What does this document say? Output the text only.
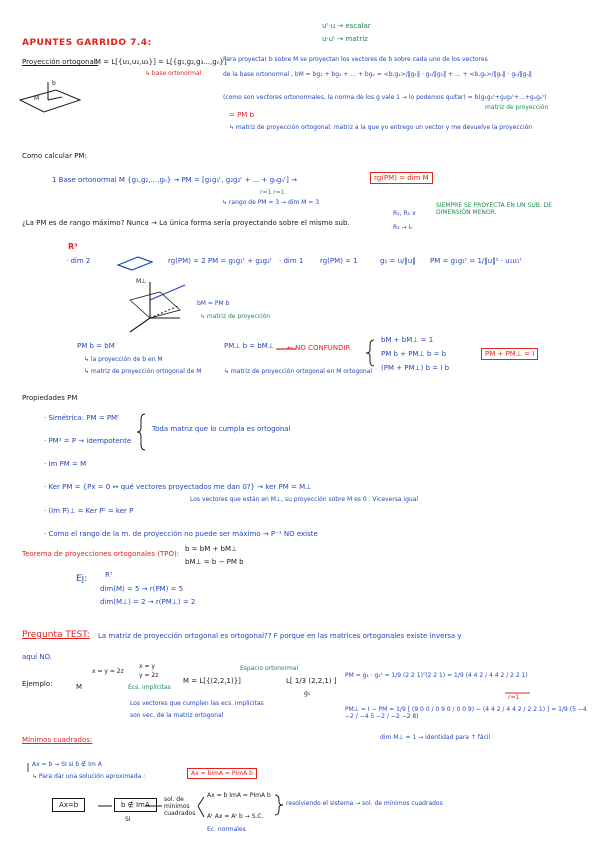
APUNTES GARRIDO 7.4:
uᵗ·u → escalar
u·uᵗ → matriz
Proyección ortogonal:
M = L[{u₁,u₂,u₃}] = L[{g₁,g₂,g₃...,gₙ}]
↳ base ortonormal
b
M
Para proyectar b sobre M se proyectan los vectores de b sobre cada uno de los vectores
de la base ortonormal , bM = bg₁ + bg₂ + ... + bgₙ = <b,g₁>/‖g₁‖ · g₁/‖g₁‖ + ... + <b,gₙ>/‖gₙ‖ · gₙ/‖gₙ‖
(como son vectores ortonormales, la norma de los g vale 1 → lo podemos quitar) = b(g₁g₁ᵗ+g₂g₂ᵗ+...+gₙgₙᵗ)
matriz de proyección
= PM b
↳ matriz de proyección ortogonal: matriz a la que yo entrego un vector y me devuelve la proyección
Como calcular PM:
1 Base ortonormal M {g₁,g₂,...,gₙ} → PM = [g₁g₁ᵗ, g₂g₂ᵗ + ... + gₙgₙᵗ] →
r=1 r=1
rg(PM) = dim M
↳ rango de PM = 3 → dim M = 3
¿La PM es de rango máximo? Nunca → La única forma sería proyectando sobre el mismo sub.
R₂, R₂ ∨
SIEMPRE SE PROYECTA EN UN SUB. DE DIMENSIÓN MENOR.
R₃ → Iₙ
R³
· dim 2	rg(PM) = 2 PM = g₁g₁ᵗ + g₂g₂ᵗ · dim 1 rg(PM) = 1	g₁ = u/‖u‖ PM = g₁g₁ᵗ = 1/‖u‖² · u₁u₁ᵗ
M⊥
bM = PM b
↳ matriz de proyección
PM b = bM
↳ la proyección de b en M
↳ matriz de proyección ortogonal de M
PM⊥ b = bM⊥
↳ matriz de proyección ortogonal en M ortogonal
← NO CONFUNDIR
bM + bM⊥ = 1
PM b + PM⊥ b = b
(PM + PM⊥) b = I b
PM + PM⊥ = I
Propiedades PM
· Simétrica: PM = PMᵗ
· PM² = P → idempotente
Toda matriz que lo cumpla es ortogonal
· Im PM = M
· Ker PM = {Px = 0 ↔ qué vectores proyectados me dan 0?} → ker PM = M⊥
Los vectores que están en M⊥, su proyección sobre M es 0 . Viceversa igual
· (Im P)⊥ = Ker Pᵗ = ker P
· Como el rango de la m. de proyección no puede ser máximo → P⁻¹ NO existe
Teorema de proyecciones ortogonales (TPO):
b = bM + bM⊥
bM⊥ = b − PM b
Ej:	R⁷
dim(M) = 5 → r(PM) = 5
dim(M⊥) = 2 → r(PM⊥) = 2
Pregunta TEST: La matriz de proyección ortogonal es ortogonal?? F porque en las matrices ortogonales existe inversa y
aquí NO.
Ejemplo:	M
x = y = 2z
x = y
y = 2z
Ecs. implícitas
M = L[{(2,2,1)}]
Espacio ortonormal
L[ 1/3 (2,2,1) ]
g₁
Los vectores que cumplen las ecs. implícitas
son vec. de la matriz ortogonal
PM = g₁ · g₁ᵗ = 1/9 (2 2 1)ᵀ(2 2 1) = 1/9 (4 4 2 / 4 4 2 / 2 2 1)
r=1
PM⊥ = I − PM = 1/9 [ (9 0 0 / 0 9 0 / 0 0 9) − (4 4 2 / 4 4 2 / 2 2 1) ] = 1/9 (5 −4 −2 / −4 5 −2 / −2 −2 8)
dim M⊥ = 1 → identidad para ↑ fácil
Mínimos cuadrados:
Ax = b → SI si b ∉ Im A
↳ Para dar una solución aproximada :	Ax = bImA = PImA b
Ax=b	b ∉ ImA
SI
sol. de mínimos cuadrados
Ax = b ImA = PImA b
Aᵗ Ax = Aᵗ b → S.C.
Ec. normales
resolviendo el sistema → sol. de mínimos cuadrados
